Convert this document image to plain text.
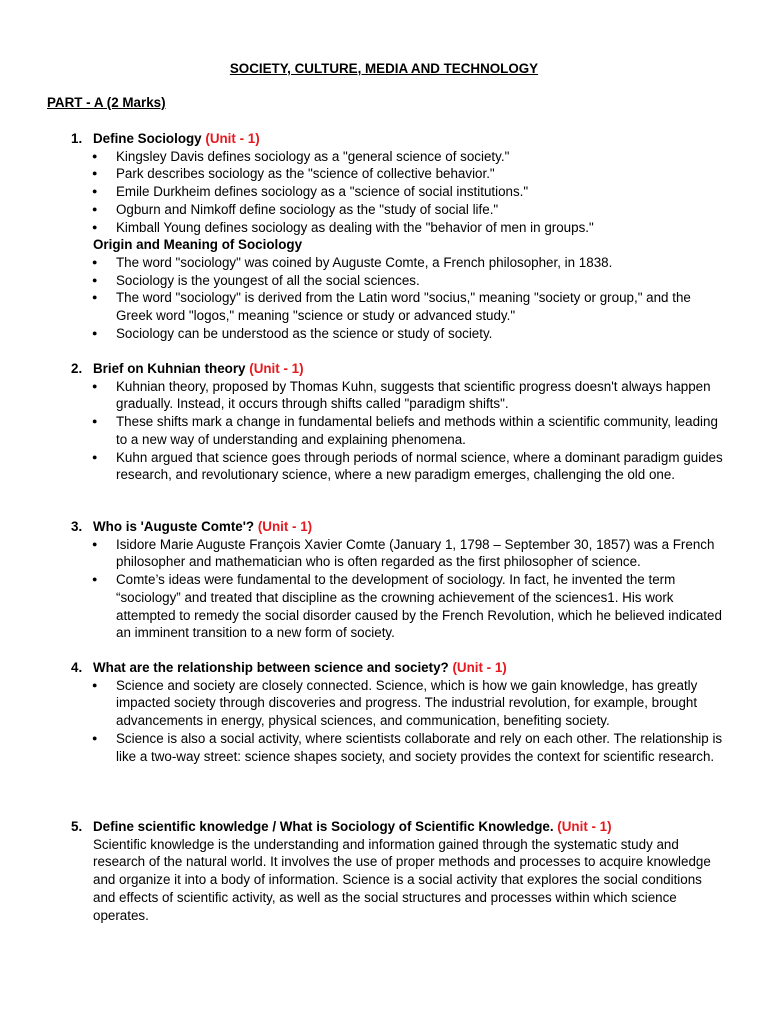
SOCIETY, CULTURE, MEDIA AND TECHNOLOGY
PART - A (2 Marks)
1. Define Sociology (Unit - 1)
● Kingsley Davis defines sociology as a "general science of society."
● Park describes sociology as the "science of collective behavior."
● Emile Durkheim defines sociology as a "science of social institutions."
● Ogburn and Nimkoff define sociology as the "study of social life."
● Kimball Young defines sociology as dealing with the "behavior of men in groups."
Origin and Meaning of Sociology
● The word "sociology" was coined by Auguste Comte, a French philosopher, in 1838.
● Sociology is the youngest of all the social sciences.
● The word "sociology" is derived from the Latin word "socius," meaning "society or group," and the Greek word "logos," meaning "science or study or advanced study."
● Sociology can be understood as the science or study of society.
2. Brief on Kuhnian theory (Unit - 1)
● Kuhnian theory, proposed by Thomas Kuhn, suggests that scientific progress doesn't always happen gradually. Instead, it occurs through shifts called "paradigm shifts".
● These shifts mark a change in fundamental beliefs and methods within a scientific community, leading to a new way of understanding and explaining phenomena.
● Kuhn argued that science goes through periods of normal science, where a dominant paradigm guides research, and revolutionary science, where a new paradigm emerges, challenging the old one.
3. Who is 'Auguste Comte'? (Unit - 1)
● Isidore Marie Auguste François Xavier Comte (January 1, 1798 – September 30, 1857) was a French philosopher and mathematician who is often regarded as the first philosopher of science.
● Comte’s ideas were fundamental to the development of sociology. In fact, he invented the term “sociology” and treated that discipline as the crowning achievement of the sciences1. His work attempted to remedy the social disorder caused by the French Revolution, which he believed indicated an imminent transition to a new form of society.
4. What are the relationship between science and society? (Unit - 1)
● Science and society are closely connected. Science, which is how we gain knowledge, has greatly impacted society through discoveries and progress. The industrial revolution, for example, brought advancements in energy, physical sciences, and communication, benefiting society.
● Science is also a social activity, where scientists collaborate and rely on each other. The relationship is like a two-way street: science shapes society, and society provides the context for scientific research.
5. Define scientific knowledge / What is Sociology of Scientific Knowledge. (Unit - 1)
Scientific knowledge is the understanding and information gained through the systematic study and research of the natural world. It involves the use of proper methods and processes to acquire knowledge and organize it into a body of information. Science is a social activity that explores the social conditions and effects of scientific activity, as well as the social structures and processes within which science operates.
